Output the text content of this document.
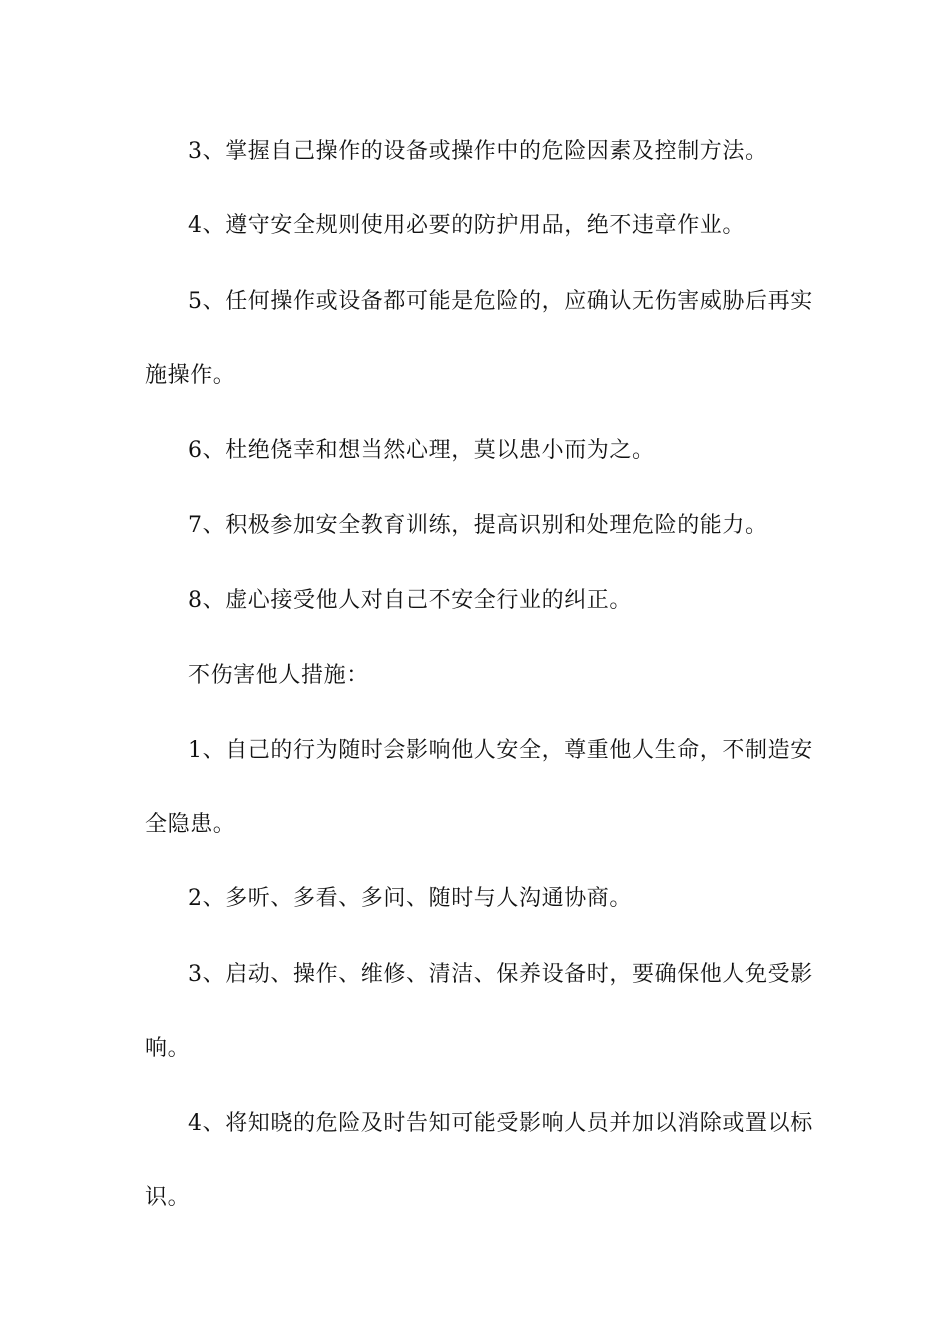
3、掌握自己操作的设备或操作中的危险因素及控制方法。
4、遵守安全规则使用必要的防护用品，绝不违章作业。
5、任何操作或设备都可能是危险的，应确认无伤害威胁后再实
施操作。
6、杜绝侥幸和想当然心理，莫以患小而为之。
7、积极参加安全教育训练，提高识别和处理危险的能力。
8、虚心接受他人对自己不安全行业的纠正。
不伤害他人措施：
1、自己的行为随时会影响他人安全，尊重他人生命，不制造安
全隐患。
2、多听、多看、多问、随时与人沟通协商。
3、启动、操作、维修、清洁、保养设备时，要确保他人免受影
响。
4、将知晓的危险及时告知可能受影响人员并加以消除或置以标
识。
